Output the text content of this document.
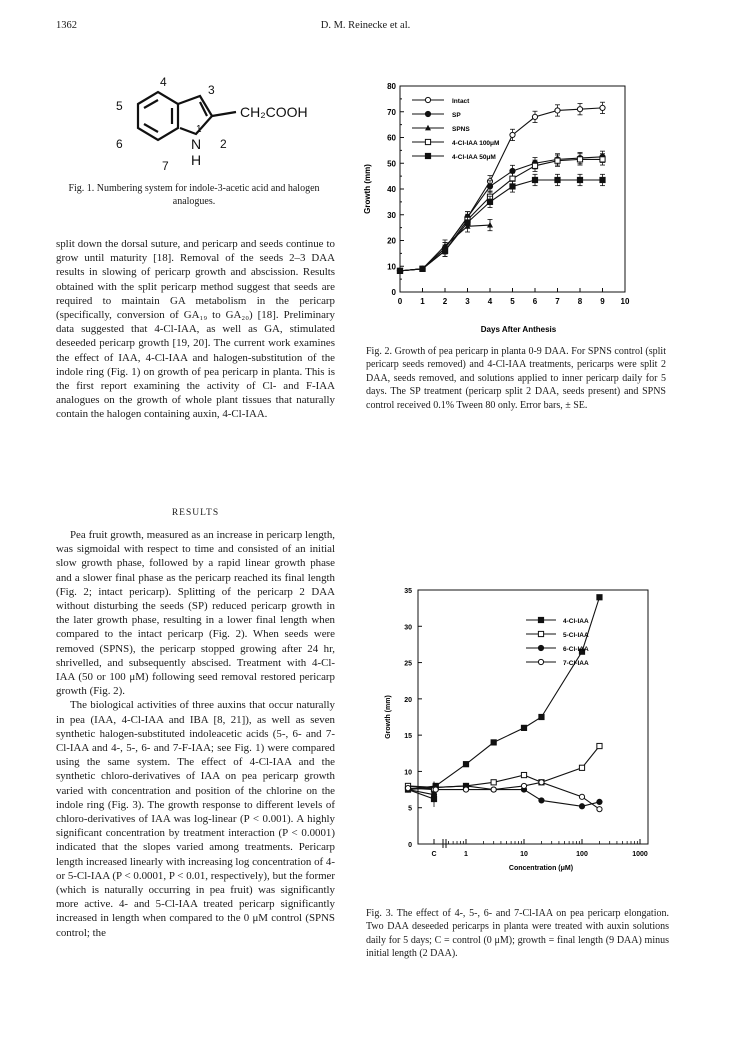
1362	D. M. Reinecke et al.
4
3
5
6
7
1
2
N
H
CH₂COOH
Fig. 1. Numbering system for indole-3-acetic acid and halogen analogues.

split down the dorsal suture, and pericarp and seeds continue to grow until maturity [18]. Removal of the seeds 2–3 DAA results in slowing of pericarp growth and abscission. Results obtained with the split pericarp method suggest that seeds are required to maintain GA metabolism in the pericarp (specifically, conversion of GA₁₉ to GA₂₀) [18]. Preliminary data suggested that 4-Cl-IAA, as well as GA, stimulated deseeded pericarp growth [19, 20]. The current work examines the effect of IAA, 4-Cl-IAA and halogen-substitution of the indole ring (Fig. 1) on growth of pea pericarp in planta. This is the first report examining the activity of Cl- and F-IAA analogues on the growth of whole plant tissues that naturally contain the halogen containing auxin, 4-Cl-IAA.

RESULTS

Pea fruit growth, measured as an increase in pericarp length, was sigmoidal with respect to time and consisted of an initial slow growth phase, followed by a rapid linear growth phase and a slower final phase as the pericarp reached its final length (Fig. 2; intact pericarp). Splitting of the pericarp 2 DAA without disturbing the seeds (SP) reduced pericarp growth in the later growth phase, resulting in a lower final length when compared to the intact pericarp (Fig. 2). When seeds were removed (SPNS), the pericarp stopped growing after 24 hr, shrivelled, and subsequently abscised. Treatment with 4-Cl-IAA (50 or 100 μM) following seed removal restored pericarp growth (Fig. 2).

The biological activities of three auxins that occur naturally in pea (IAA, 4-Cl-IAA and IBA [8, 21]), as well as seven synthetic halogen-substituted indoleacetic acids (5-, 6- and 7-Cl-IAA and 4-, 5-, 6- and 7-F-IAA; see Fig. 1) were compared using the same system. The effect of 4-Cl-IAA and the synthetic chloro-derivatives of IAA on pea pericarp growth varied with concentration and position of the chlorine on the indole ring (Fig. 3). The growth response to different levels of chloro-derivatives of IAA was log-linear (P < 0.001). A highly significant concentration by treatment interaction (P < 0.0001) indicated that the slopes varied among treatments. Pericarp length increased linearly with increasing log concentration of 4- or 5-Cl-IAA (P < 0.0001, P < 0.01, respectively), but the former (which is naturally occurring in pea fruit) was significantly more active. 4- and 5-Cl-IAA treated pericarp significantly increased in length when compared to the 0 μM control (SPNS control; the

0
10
20
30
40
50
60
70
80
0 1 2 3 4 5 6 7 8 9 10
Growth (mm)
Days After Anthesis
Intact
SP
SPNS
4-Cl-IAA 100μM
4-Cl-IAA 50μM
Fig. 2. Growth of pea pericarp in planta 0-9 DAA. For SPNS control (split pericarp seeds removed) and 4-Cl-IAA treatments, pericarps were split 2 DAA, seeds removed, and solutions applied to inner pericarp daily for 5 days. The SP treatment (pericarp split 2 DAA, seeds present) and SPNS control received 0.1% Tween 80 only. Error bars, ± SE.
0
5
10
15
20
25
30
35
C	1	10	100	1000
Growth (mm)
Concentration (μM)
4-Cl-IAA
5-Cl-IAA
6-Cl-IAA
7-Cl-IAA
Fig. 3. The effect of 4-, 5-, 6- and 7-Cl-IAA on pea pericarp elongation. Two DAA deseeded pericarps in planta were treated with auxin solutions daily for 5 days; C = control (0 μM); growth = final length (9 DAA) minus initial length (2 DAA).
